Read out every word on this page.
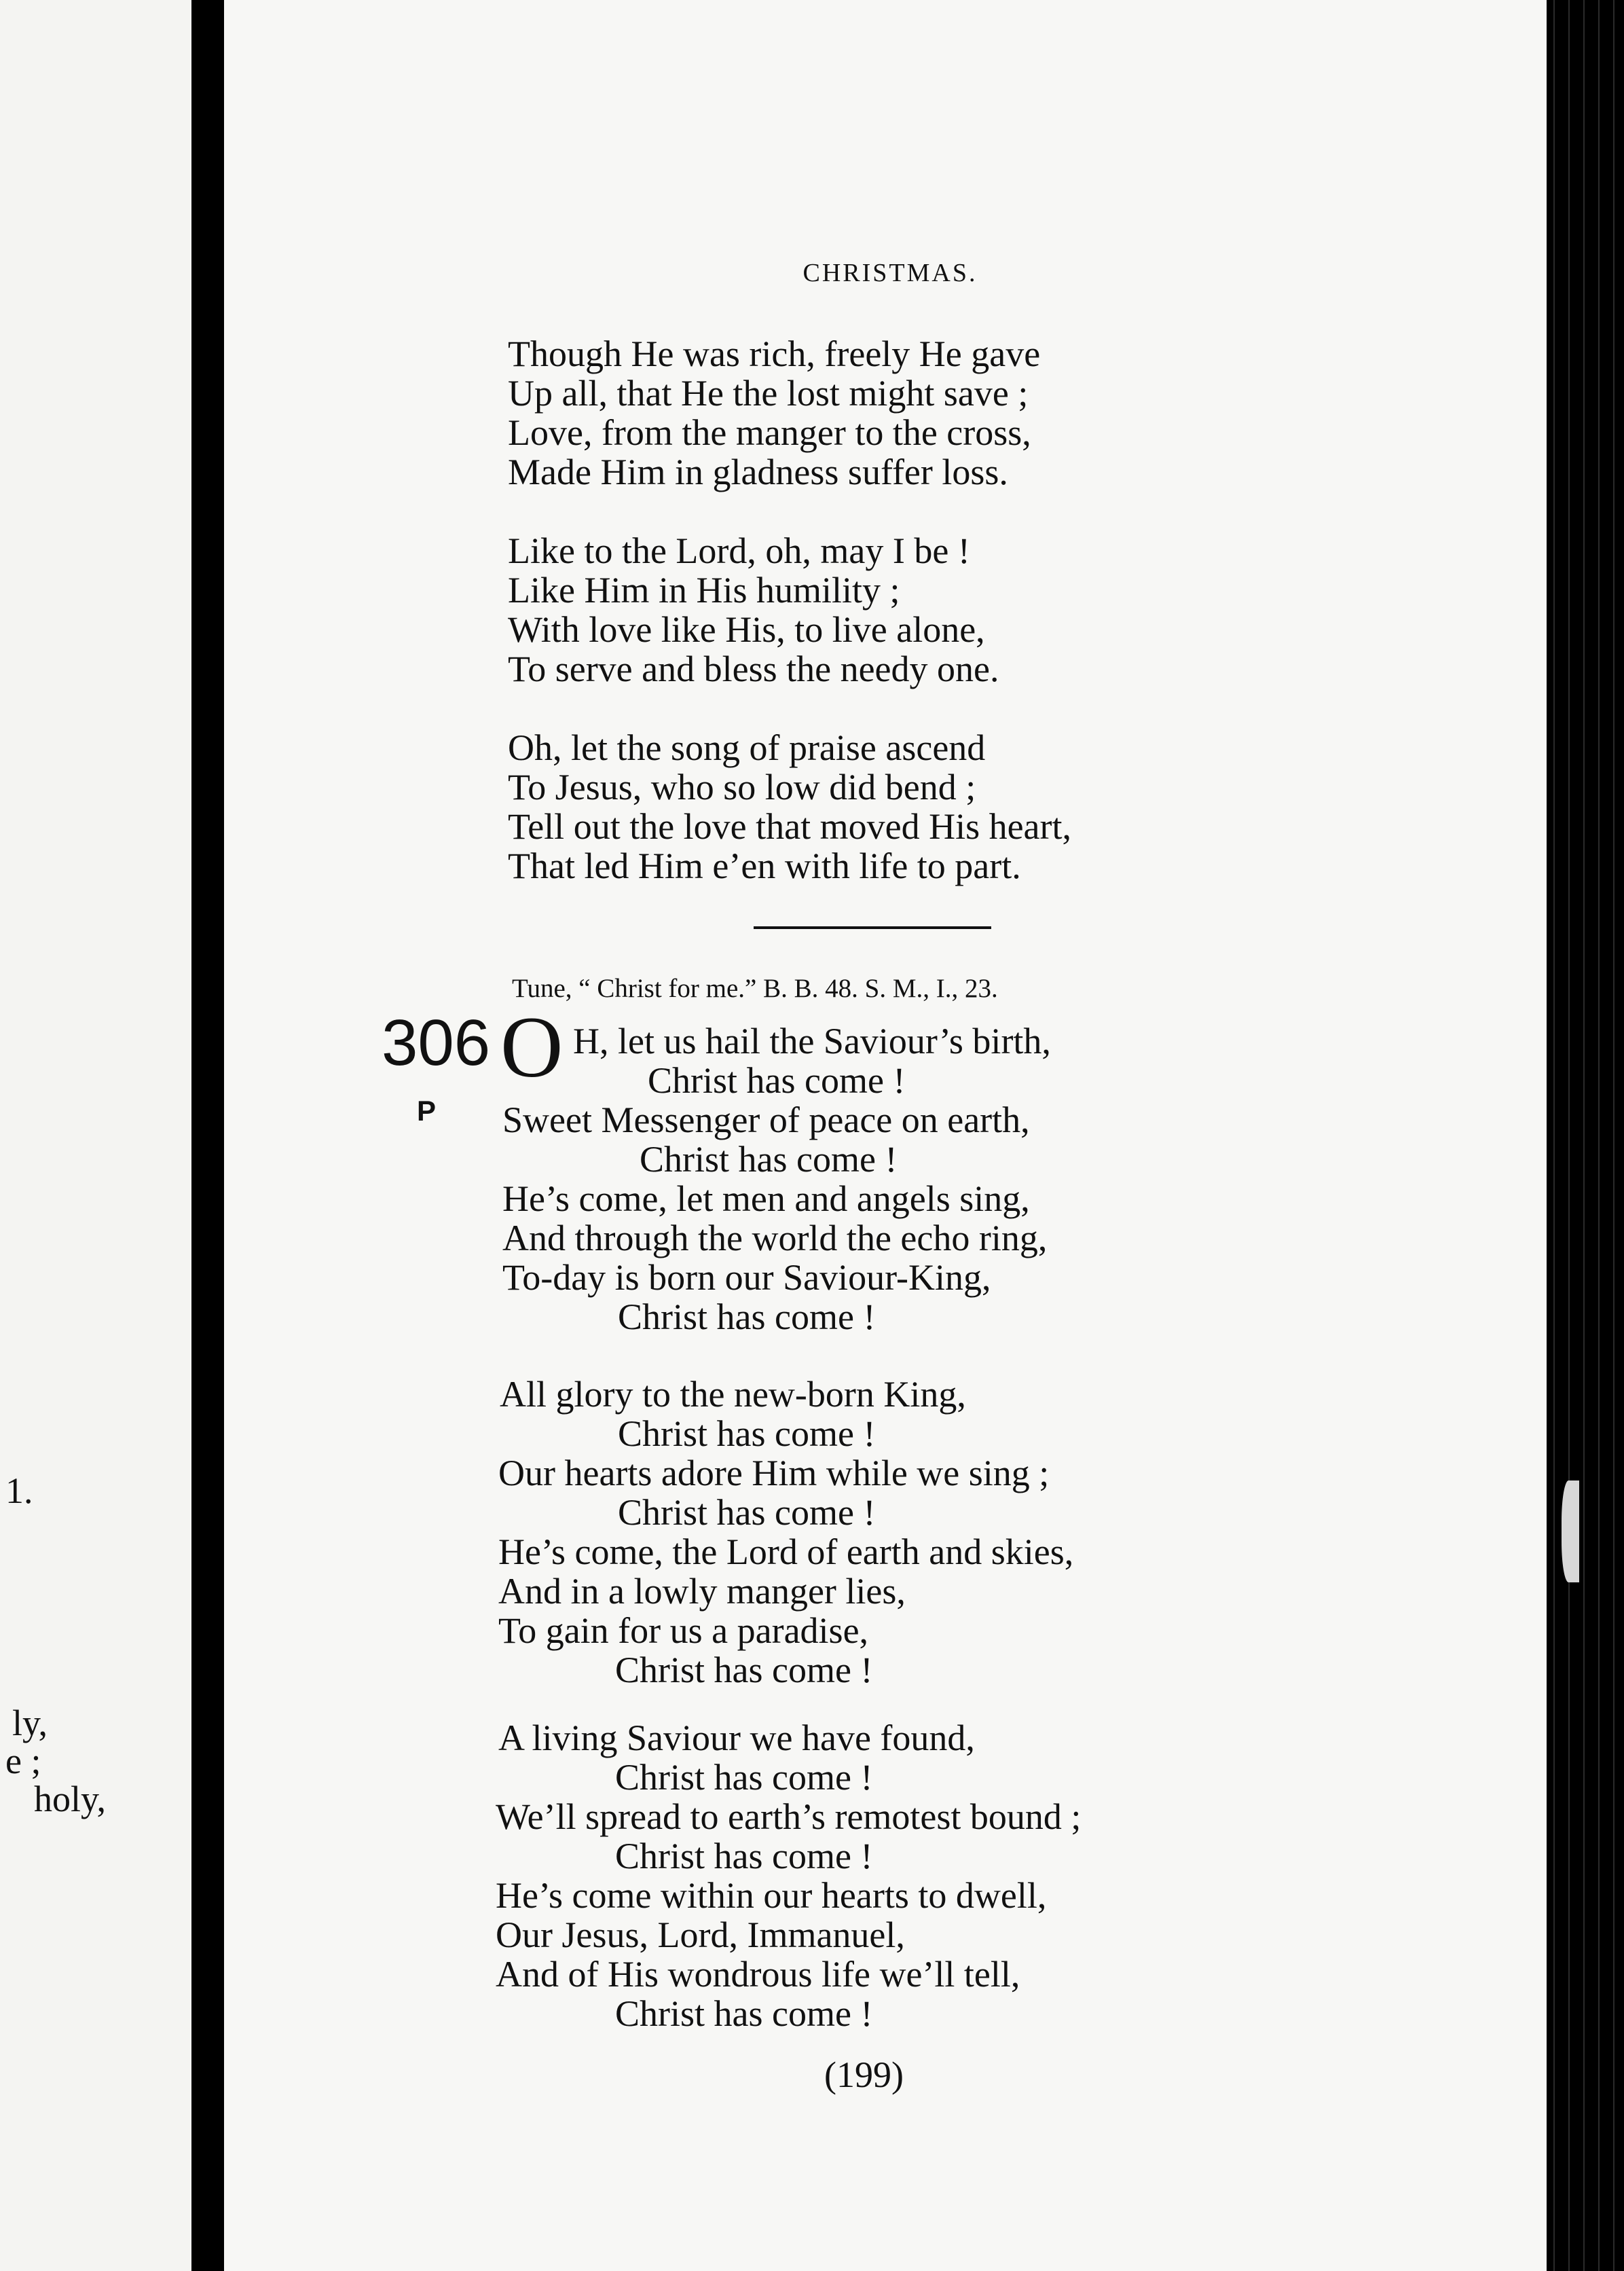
1.
ly,
e ;
holy,
CHRISTMAS.
Though He was rich, freely He gave
Up all, that He the lost might save ;
Love, from the manger to the cross,
Made Him in gladness suffer loss.
Like to the Lord, oh, may I be !
Like Him in His humility ;
With love like His, to live alone,
To serve and bless the needy one.
Oh, let the song of praise ascend
To Jesus, who so low did bend ;
Tell out the love that moved His heart,
That led Him e’en with life to part.
Tune, “ Christ for me.” B. B. 48. S. M., I., 23.
306 O
P
H, let us hail the Saviour’s birth,
Christ has come !
Sweet Messenger of peace on earth,
Christ has come !
He’s come, let men and angels sing,
And through the world the echo ring,
To-day is born our Saviour-King,
Christ has come !
All glory to the new-born King,
Christ has come !
Our hearts adore Him while we sing ;
Christ has come !
He’s come, the Lord of earth and skies,
And in a lowly manger lies,
To gain for us a paradise,
Christ has come !
A living Saviour we have found,
Christ has come !
We’ll spread to earth’s remotest bound ;
Christ has come !
He’s come within our hearts to dwell,
Our Jesus, Lord, Immanuel,
And of His wondrous life we’ll tell,
Christ has come !
(199)
